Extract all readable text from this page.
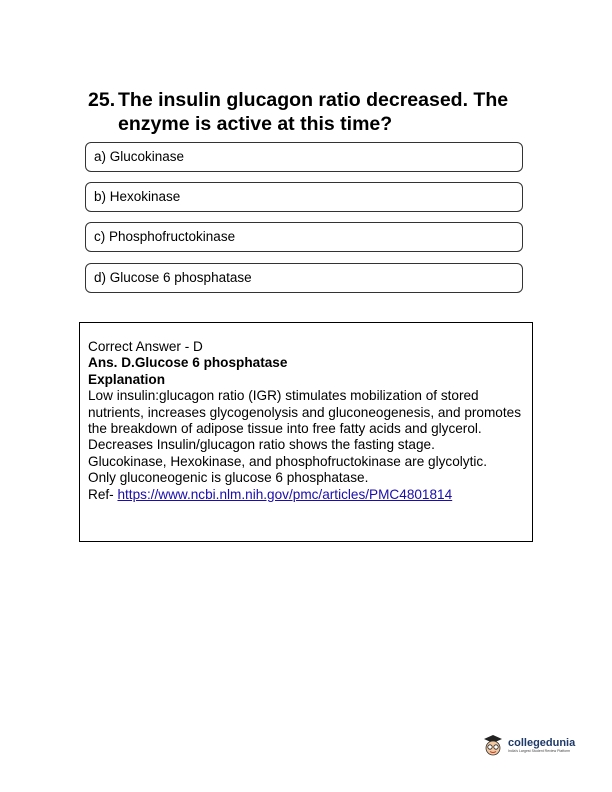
25. The insulin glucagon ratio decreased. The enzyme is active at this time?
a) Glucokinase
b) Hexokinase
c) Phosphofructokinase
d) Glucose 6 phosphatase
Correct Answer - D
Ans. D.Glucose 6 phosphatase
Explanation
Low insulin:glucagon ratio (IGR) stimulates mobilization of stored nutrients, increases glycogenolysis and gluconeogenesis, and promotes the breakdown of adipose tissue into free fatty acids and glycerol.
Decreases Insulin/glucagon ratio shows the fasting stage.
Glucokinase, Hexokinase, and phosphofructokinase are glycolytic.
Only gluconeogenic is glucose 6 phosphatase.
Ref- https://www.ncbi.nlm.nih.gov/pmc/articles/PMC4801814
collegedunia
India's Largest Student Review Platform
